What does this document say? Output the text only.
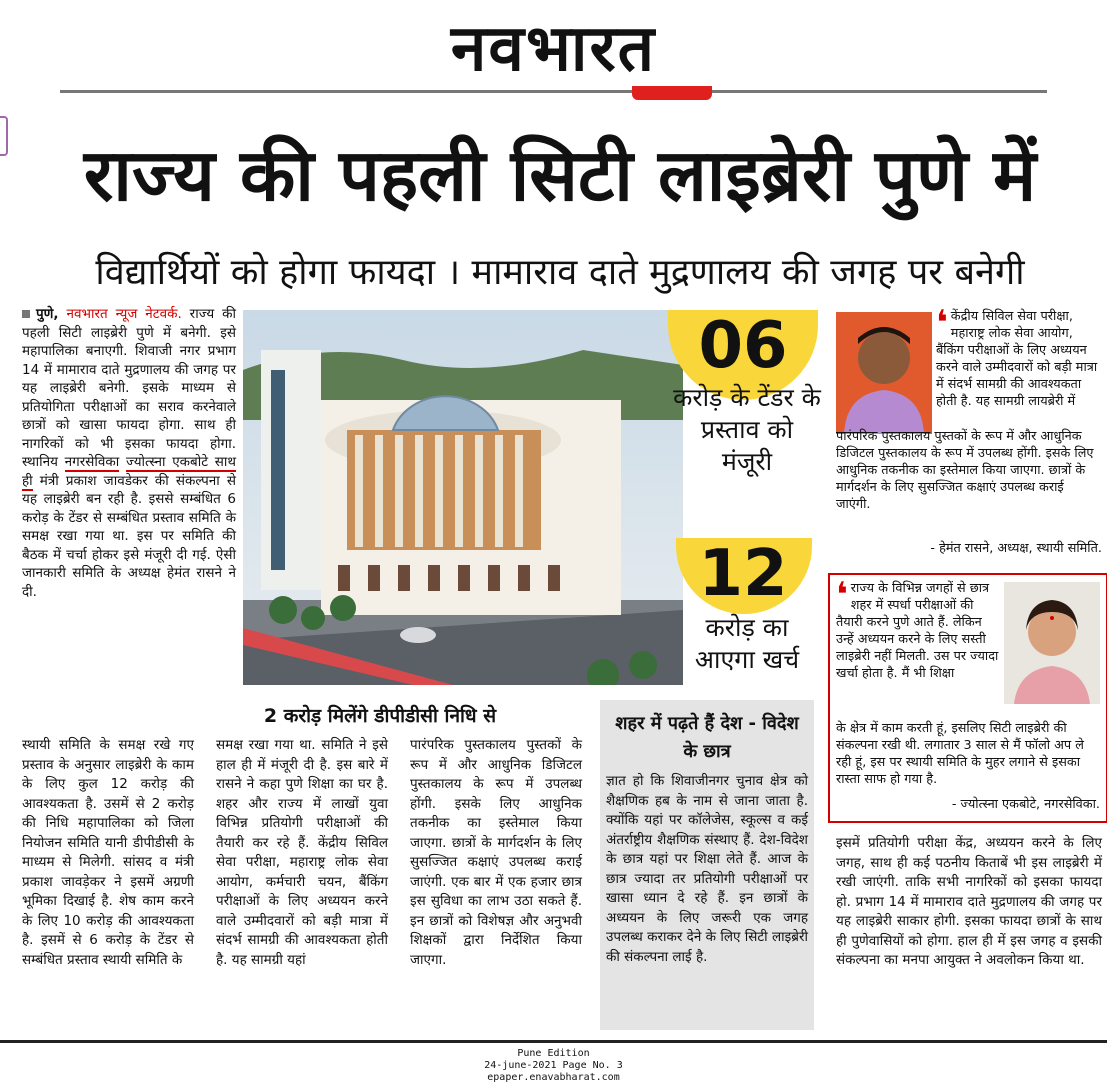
नवभारत
राज्य की पहली सिटी लाइब्रेरी पुणे में
विद्यार्थियों को होगा फायदा । मामाराव दाते मुद्रणालय की जगह पर बनेगी
पुणे, नवभारत न्यूज नेटवर्क. राज्य की पहली सिटी लाइब्रेरी पुणे में बनेगी. इसे महापालिका बनाएगी. शिवाजी नगर प्रभाग 14 में मामाराव दाते मुद्रणालय की जगह पर यह लाइब्रेरी बनेगी. इसके माध्यम से प्रतियोगिता परीक्षाओं का सराव करनेवाले छात्रों को खासा फायदा होगा. साथ ही नागरिकों को भी इसका फायदा होगा. स्थानिय नगरसेविका ज्योत्स्ना एकबोटे साथ ही मंत्री प्रकाश जावडेकर की संकल्पना से यह लाइब्रेरी बन रही है. इससे सम्बंधित 6 करोड़ के टेंडर से सम्बंधित प्रस्ताव समिति के समक्ष रखा गया था. इस पर समिति की बैठक में चर्चा होकर इसे मंजूरी दी गई. ऐसी जानकारी समिति के अध्यक्ष हेमंत रासने ने दी.
06
करोड़ के टेंडर के प्रस्ताव को मंजूरी
12
करोड़ का आएगा खर्च
❛ केंद्रीय सिविल सेवा परीक्षा, महाराष्ट्र लोक सेवा आयोग, बैंकिंग परीक्षाओं के लिए अध्ययन करने वाले उम्मीदवारों को बड़ी मात्रा में संदर्भ सामग्री की आवश्यकता होती है. यह सामग्री लायब्रेरी में
पारंपरिक पुस्तकालय पुस्तकों के रूप में और आधुनिक डिजिटल पुस्तकालय के रूप में उपलब्ध होंगी. इसके लिए आधुनिक तकनीक का इस्तेमाल किया जाएगा. छात्रों के मार्गदर्शन के लिए सुसज्जित कक्षाएं उपलब्ध कराई जाएंगी.
- हेमंत रासने, अध्यक्ष, स्थायी समिति.
❛ राज्य के विभिन्न जगहों से छात्र शहर में स्पर्धा परीक्षाओं की तैयारी करने पुणे आते हैं. लेकिन उन्हें अध्ययन करने के लिए सस्ती लाइब्रेरी नहीं मिलती. उस पर ज्यादा खर्चा होता है. मैं भी शिक्षा
के क्षेत्र में काम करती हूं, इसलिए सिटी लाइब्रेरी की संकल्पना रखी थी. लगातार 3 साल से मैं फॉलो अप ले रही हूं, इस पर स्थायी समिति के मुहर लगाने से इसका रास्ता साफ हो गया है.
- ज्योत्स्ना एकबोटे, नगरसेविका.
2 करोड़ मिलेंगे डीपीडीसी निधि से
स्थायी समिति के समक्ष रखे गए प्रस्ताव के अनुसार लाइब्रेरी के काम के लिए कुल 12 करोड़ की आवश्यकता है. उसमें से 2 करोड़ की निधि महापालिका को जिला नियोजन समिति यानी डीपीडीसी के माध्यम से मिलेगी. सांसद व मंत्री प्रकाश जावड़ेकर ने इसमें अग्रणी भूमिका दिखाई है. शेष काम करने के लिए 10 करोड़ की आवश्यकता है. इसमें से 6 करोड़ के टेंडर से सम्बंधित प्रस्ताव स्थायी समिति के
समक्ष रखा गया था. समिति ने इसे हाल ही में मंजूरी दी है. इस बारे में रासने ने कहा पुणे शिक्षा का घर है. शहर और राज्य में लाखों युवा विभिन्न प्रतियोगी परीक्षाओं की तैयारी कर रहे हैं. केंद्रीय सिविल सेवा परीक्षा, महाराष्ट्र लोक सेवा आयोग, कर्मचारी चयन, बैंकिंग परीक्षाओं के लिए अध्ययन करने वाले उम्मीदवारों को बड़ी मात्रा में संदर्भ सामग्री की आवश्यकता होती है. यह सामग्री यहां
पारंपरिक पुस्तकालय पुस्तकों के रूप में और आधुनिक डिजिटल पुस्तकालय के रूप में उपलब्ध होंगी. इसके लिए आधुनिक तकनीक का इस्तेमाल किया जाएगा. छात्रों के मार्गदर्शन के लिए सुसज्जित कक्षाएं उपलब्ध कराई जाएंगी. एक बार में एक हजार छात्र इस सुविधा का लाभ उठा सकते हैं. इन छात्रों को विशेषज्ञ और अनुभवी शिक्षकों द्वारा निर्देशित किया जाएगा.
शहर में पढ़ते हैं देश - विदेश के छात्र
ज्ञात हो कि शिवाजीनगर चुनाव क्षेत्र को शैक्षणिक हब के नाम से जाना जाता है. क्योंकि यहां पर कॉलेजेस, स्कूल्स व कई अंतर्राष्ट्रीय शैक्षणिक संस्थाए हैं. देश-विदेश के छात्र यहां पर शिक्षा लेते हैं. आज के छात्र ज्यादा तर प्रतियोगी परीक्षाओं पर खासा ध्यान दे रहे हैं. इन छात्रों के अध्ययन के लिए जरूरी एक जगह उपलब्ध कराकर देने के लिए सिटी लाइब्रेरी की संकल्पना लाई है.
इसमें प्रतियोगी परीक्षा केंद्र, अध्ययन करने के लिए जगह, साथ ही कई पठनीय किताबें भी इस लाइब्रेरी में रखी जाएंगी. ताकि सभी नागरिकों को इसका फायदा हो. प्रभाग 14 में मामाराव दाते मुद्रणालय की जगह पर यह लाइब्रेरी साकार होगी. इसका फायदा छात्रों के साथ ही पुणेवासियों को होगा. हाल ही में इस जगह व इसकी संकल्पना का मनपा आयुक्त ने अवलोकन किया था.
Pune Edition
24-june-2021 Page No. 3
epaper.enavabharat.com
